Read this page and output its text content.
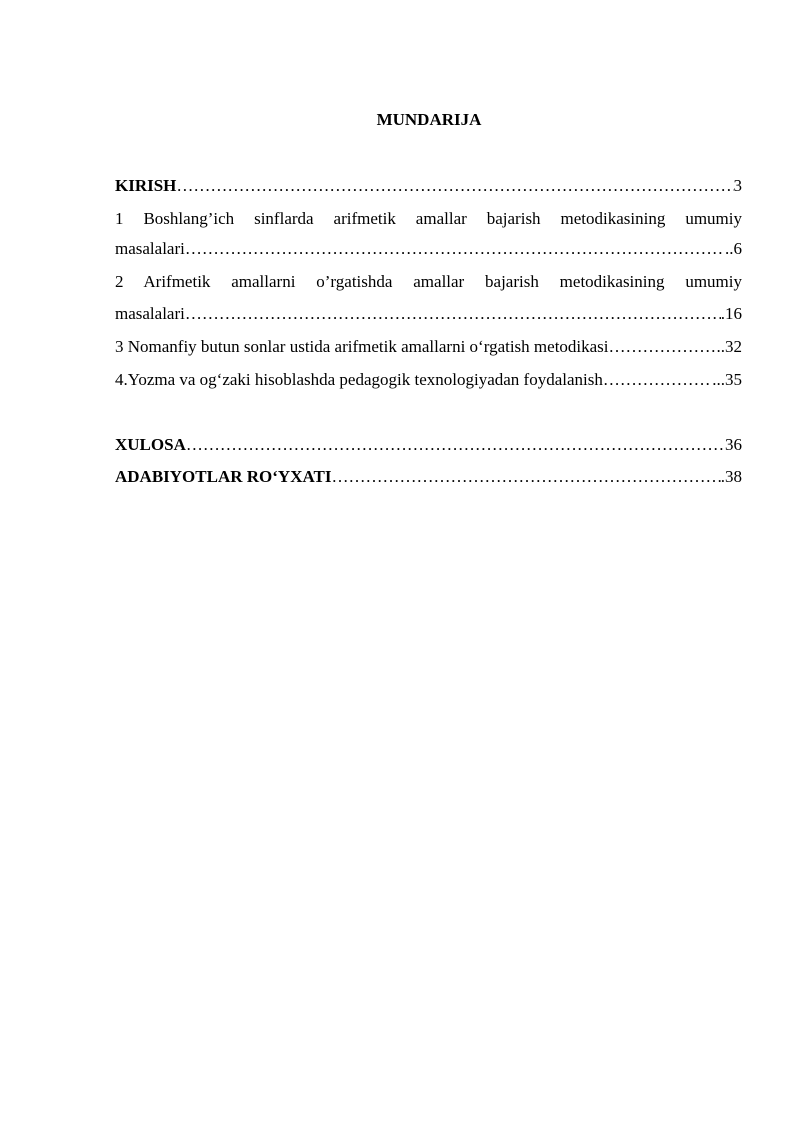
MUNDARIJA
KIRISH ……………………………………………………………………………………………………………………………………………………	3
1 Boshlang’ich sinflarda arifmetik amallar bajarish metodikasining umumiy
masalalari ……………………………………………………………………………………………………………………………………………………	..6
2 Arifmetik amallarni o’rgatishda amallar bajarish metodikasining umumiy
masalalari ……………………………………………………………………………………………………………………………………………………	.16
3 Nomanfiy butun sonlar ustida arifmetik amallarni o‘rgatish metodikasi ……………………………………………………………………………………………………………………………………………………	..32
4.Yozma va og‘zaki hisoblashda pedagogik texnologiyadan foydalanish ……………………………………………………………………………………………………………………………………………………	...35
XULOSA ……………………………………………………………………………………………………………………………………………………	36
ADABIYOTLAR RO‘YXATI ……………………………………………………………………………………………………………………………………………………	.38
